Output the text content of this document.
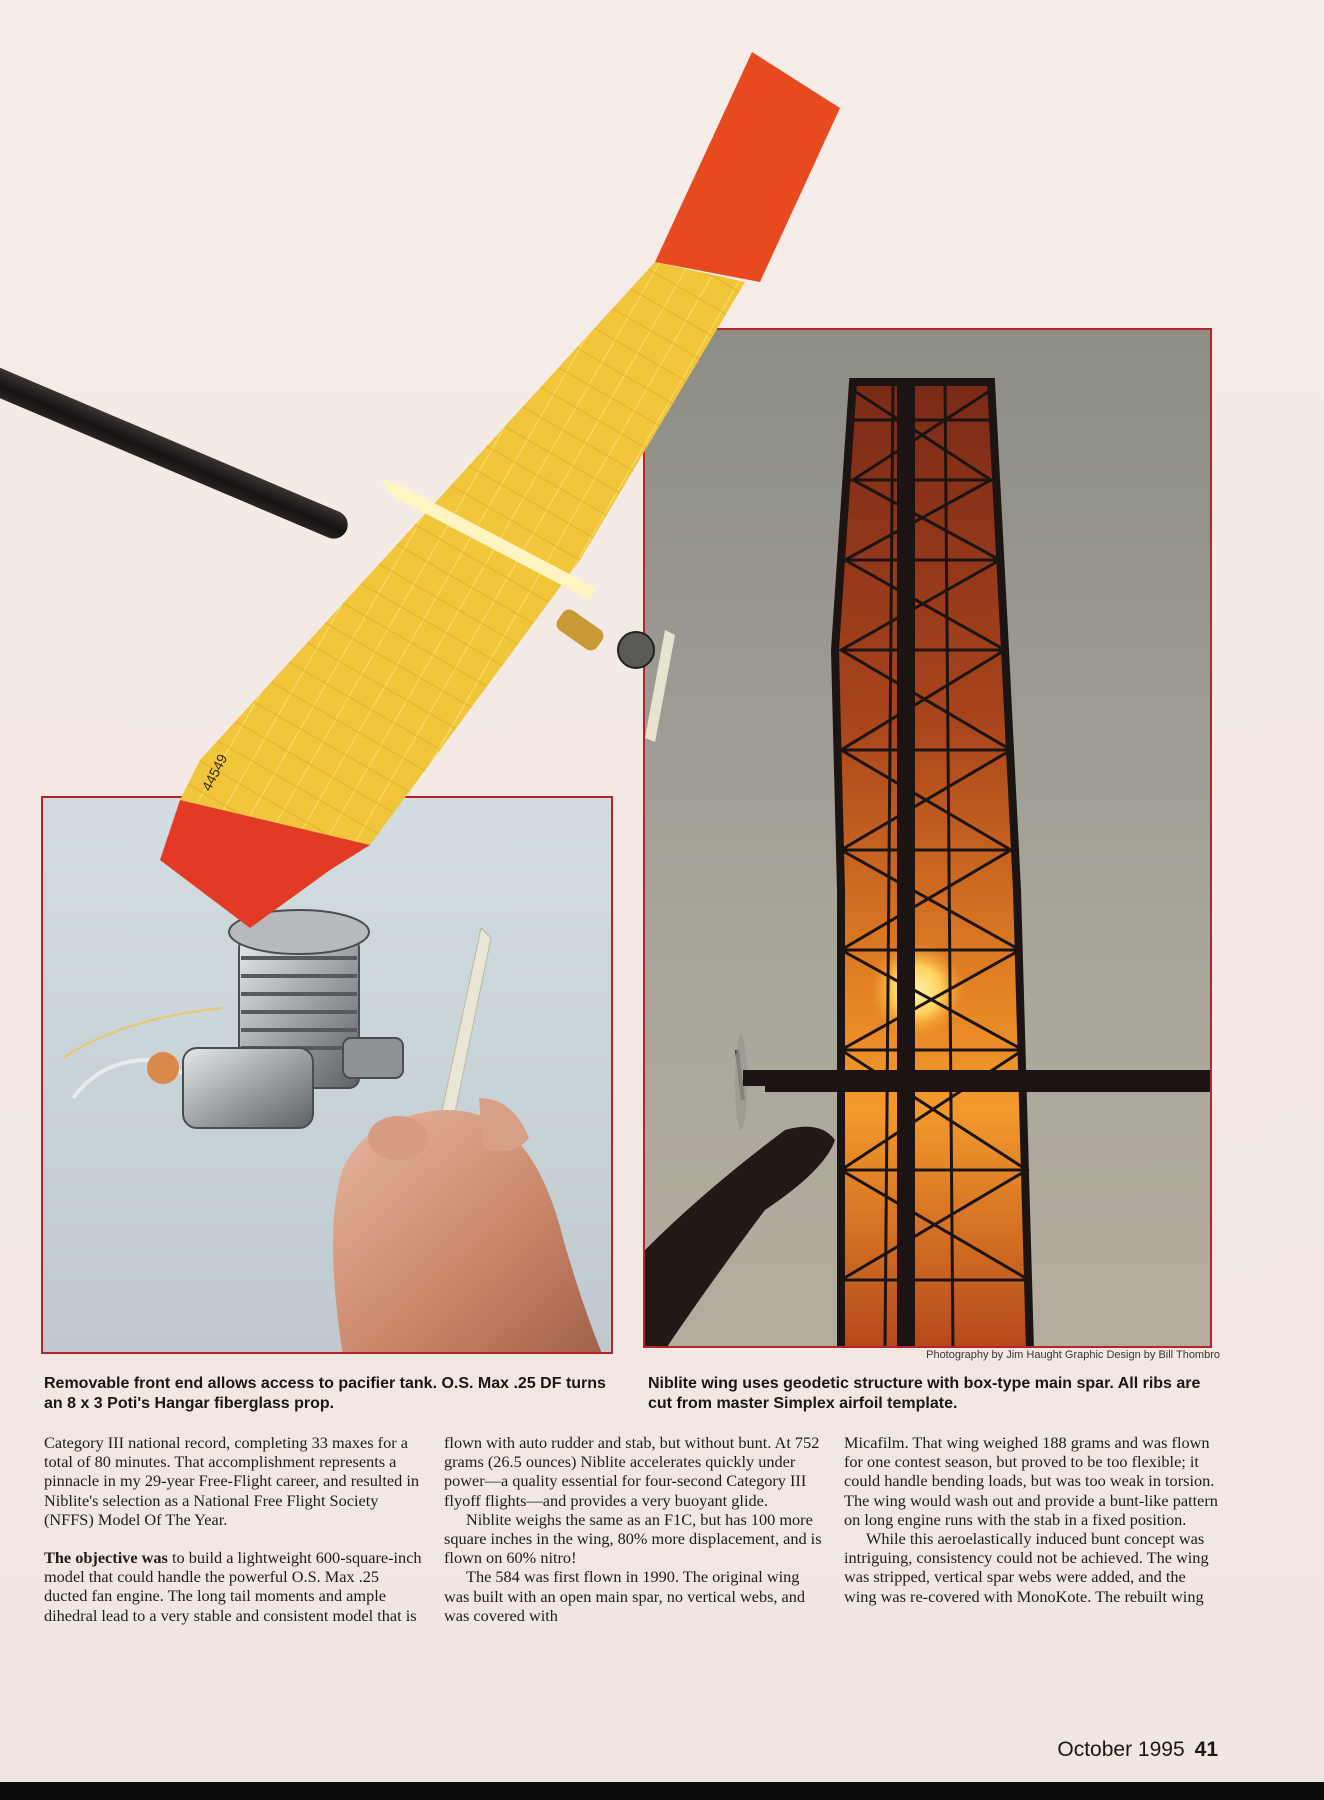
44549
Photography by Jim Haught Graphic Design by Bill Thombro

Removable front end allows access to pacifier tank. O.S. Max .25 DF turns an 8 x 3 Poti's Hangar fiberglass prop.

Niblite wing uses geodetic structure with box-type main spar. All ribs are cut from master Simplex airfoil template.

Category III national record, completing 33 maxes for a total of 80 minutes. That accomplishment represents a pinnacle in my 29-year Free-Flight career, and resulted in Niblite's selection as a National Free Flight Society (NFFS) Model Of The Year.

The objective was to build a lightweight 600-square-inch model that could handle the powerful O.S. Max .25 ducted fan engine. The long tail moments and ample dihedral lead to a very stable and consistent model that is

flown with auto rudder and stab, but without bunt. At 752 grams (26.5 ounces) Niblite accelerates quickly under power—a quality essential for four-second Category III flyoff flights—and provides a very buoyant glide.

Niblite weighs the same as an F1C, but has 100 more square inches in the wing, 80% more displacement, and is flown on 60% nitro!

The 584 was first flown in 1990. The original wing was built with an open main spar, no vertical webs, and was covered with

Micafilm. That wing weighed 188 grams and was flown for one contest season, but proved to be too flexible; it could handle bending loads, but was too weak in torsion. The wing would wash out and provide a bunt-like pattern on long engine runs with the stab in a fixed position.

While this aeroelastically induced bunt concept was intriguing, consistency could not be achieved. The wing was stripped, vertical spar webs were added, and the wing was re-covered with MonoKote. The rebuilt wing

October 1995 41
